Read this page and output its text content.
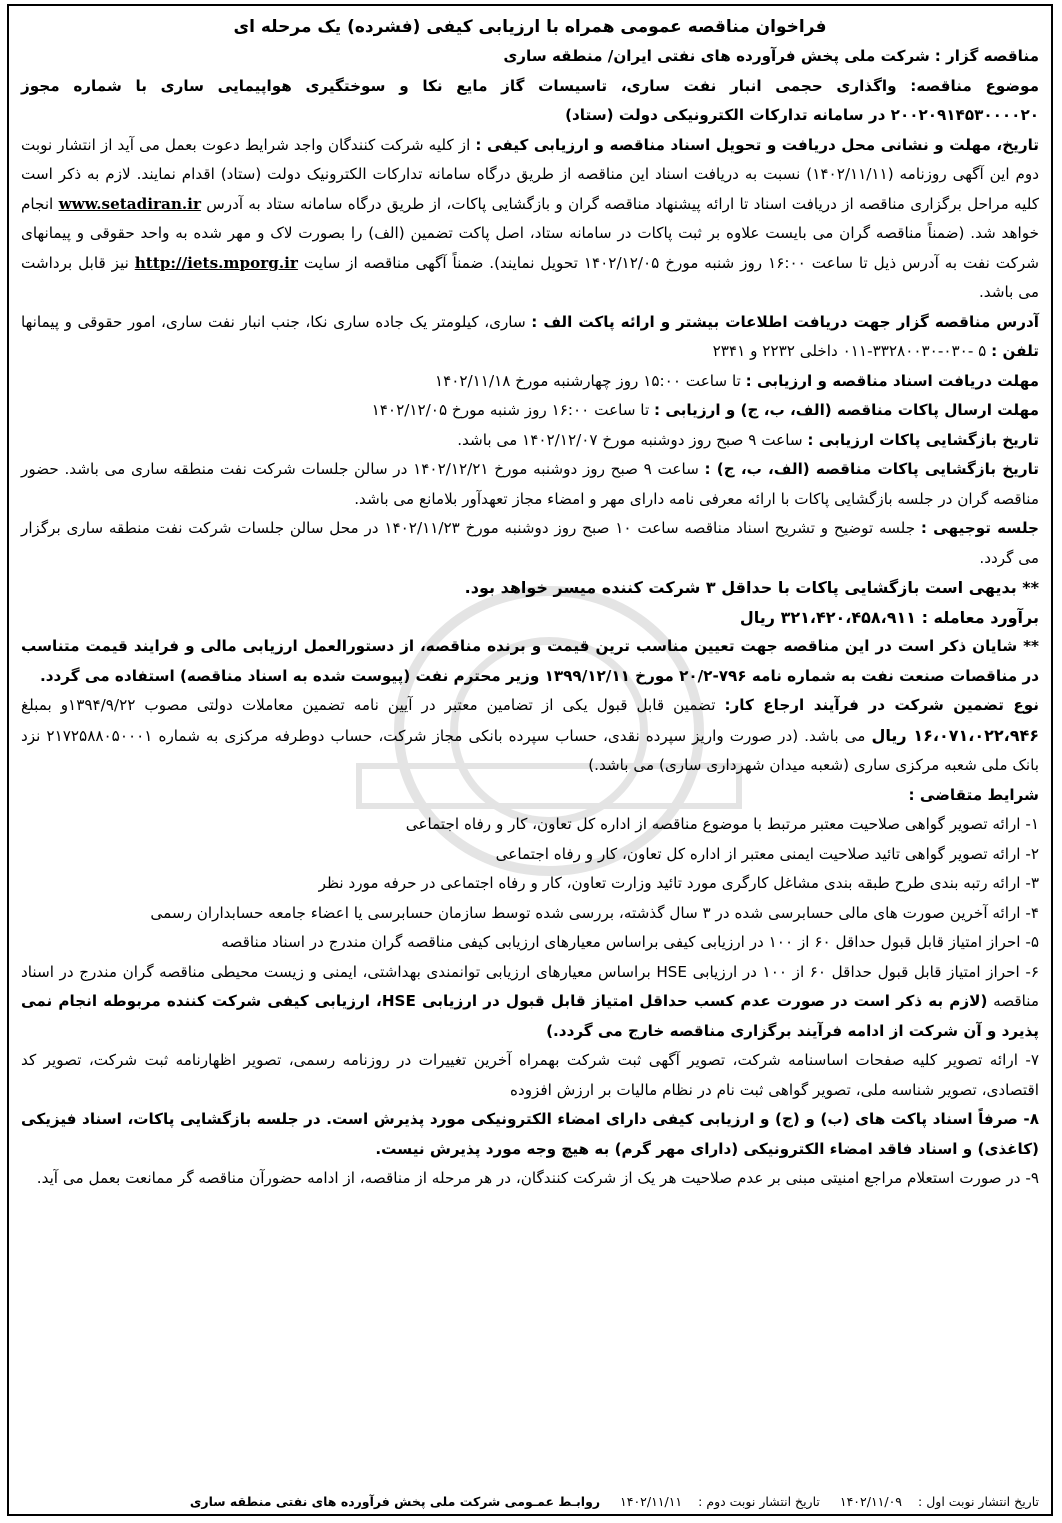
فراخوان مناقصه عمومی همراه با ارزیابی کیفی (فشرده) یک مرحله ای

مناقصه گزار : شرکت ملی پخش فرآورده های نفتی ایران/ منطقه ساری

موضوع مناقصه: واگذاری حجمی انبار نفت ساری، تاسیسات گاز مایع نکا و سوختگیری هواپیمایی ساری با شماره مجوز ۲۰۰۲۰۹۱۴۵۳۰۰۰۰۲۰ در سامانه تدارکات الکترونیکی دولت (ستاد)

تاریخ، مهلت و نشانی محل دریافت و تحویل اسناد مناقصه و ارزیابی کیفی : از کلیه شرکت کنندگان واجد شرایط دعوت بعمل می آید از انتشار نوبت دوم این آگهی روزنامه (۱۴۰۲/۱۱/۱۱) نسبت به دریافت اسناد این مناقصه از طریق درگاه سامانه تدارکات الکترونیک دولت (ستاد) اقدام نمایند. لازم به ذکر است کلیه مراحل برگزاری مناقصه از دریافت اسناد تا ارائه پیشنهاد مناقصه گران و بازگشایی پاکات، از طریق درگاه سامانه ستاد به آدرس www.setadiran.ir انجام خواهد شد. (ضمناً مناقصه گران می بایست علاوه بر ثبت پاکات در سامانه ستاد، اصل پاکت تضمین (الف) را بصورت لاک و مهر شده به واحد حقوقی و پیمانهای شرکت نفت به آدرس ذیل تا ساعت ۱۶:۰۰ روز شنبه مورخ ۱۴۰۲/۱۲/۰۵ تحویل نمایند). ضمناً آگهی مناقصه از سایت http://iets.mporg.ir نیز قابل برداشت می باشد.

آدرس مناقصه گزار جهت دریافت اطلاعات بیشتر و ارائه پاکت الف : ساری، کیلومتر یک جاده ساری نکا، جنب انبار نفت ساری، امور حقوقی و پیمانها تلفن : ۵ -۰۳۰-۳۳۲۸۰۰۳۰-۰۱۱ داخلی ۲۲۳۲ و ۲۳۴۱

مهلت دریافت اسناد مناقصه و ارزیابی : تا ساعت ۱۵:۰۰ روز چهارشنبه مورخ ۱۴۰۲/۱۱/۱۸

مهلت ارسال پاکات مناقصه (الف، ب، ج) و ارزیابی : تا ساعت ۱۶:۰۰ روز شنبه مورخ ۱۴۰۲/۱۲/۰۵

تاریخ بازگشایی پاکات ارزیابی : ساعت ۹ صبح روز دوشنبه مورخ ۱۴۰۲/۱۲/۰۷ می باشد.

تاریخ بازگشایی پاکات مناقصه (الف، ب، ج) : ساعت ۹ صبح روز دوشنبه مورخ ۱۴۰۲/۱۲/۲۱ در سالن جلسات شرکت نفت منطقه ساری می باشد. حضور مناقصه گران در جلسه بازگشایی پاکات با ارائه معرفی نامه دارای مهر و امضاء مجاز تعهدآور بلامانع می باشد.

جلسه توجیهی : جلسه توضیح و تشریح اسناد مناقصه ساعت ۱۰ صبح روز دوشنبه مورخ ۱۴۰۲/۱۱/۲۳ در محل سالن جلسات شرکت نفت منطقه ساری برگزار می گردد.

** بدیهی است بازگشایی پاکات با حداقل ۳ شرکت کننده میسر خواهد بود.

برآورد معامله : ۳۲۱،۴۲۰،۴۵۸،۹۱۱ ریال

** شایان ذکر است در این مناقصه جهت تعیین مناسب ترین قیمت و برنده مناقصه، از دستورالعمل ارزیابی مالی و فرایند قیمت متناسب در مناقصات صنعت نفت به شماره نامه ۷۹۶-۲۰/۲ مورخ ۱۳۹۹/۱۲/۱۱ وزیر محترم نفت (پیوست شده به اسناد مناقصه) استفاده می گردد.

نوع تضمین شرکت در فرآیند ارجاع کار: تضمین قابل قبول یکی از تضامین معتبر در آیین نامه تضمین معاملات دولتی مصوب ۱۳۹۴/۹/۲۲و بمبلغ ۱۶،۰۷۱،۰۲۲،۹۴۶ ریال می باشد. (در صورت واریز سپرده نقدی، حساب سپرده بانکی مجاز شرکت، حساب دوطرفه مرکزی به شماره ۲۱۷۲۵۸۸۰۵۰۰۰۱ نزد بانک ملی شعبه مرکزی ساری (شعبه میدان شهرداری ساری) می باشد.)

شرایط متقاضی :

۱- ارائه تصویر گواهی صلاحیت معتبر مرتبط با موضوع مناقصه از اداره کل تعاون، کار و رفاه اجتماعی

۲- ارائه تصویر گواهی تائید صلاحیت ایمنی معتبر از اداره کل تعاون، کار و رفاه اجتماعی

۳- ارائه رتبه بندی طرح طبقه بندی مشاغل کارگری مورد تائید وزارت تعاون، کار و رفاه اجتماعی در حرفه مورد نظر

۴- ارائه آخرین صورت های مالی حسابرسی شده در ۳ سال گذشته، بررسی شده توسط سازمان حسابرسی یا اعضاء جامعه حسابداران رسمی

۵- احراز امتیاز قابل قبول حداقل ۶۰ از ۱۰۰ در ارزیابی کیفی براساس معیارهای ارزیابی کیفی مناقصه گران مندرج در اسناد مناقصه

۶- احراز امتیاز قابل قبول حداقل ۶۰ از ۱۰۰ در ارزیابی HSE براساس معیارهای ارزیابی توانمندی بهداشتی، ایمنی و زیست محیطی مناقصه گران مندرج در اسناد مناقصه (لازم به ذکر است در صورت عدم کسب حداقل امتیاز قابل قبول در ارزیابی HSE، ارزیابی کیفی شرکت کننده مربوطه انجام نمی پذیرد و آن شرکت از ادامه فرآیند برگزاری مناقصه خارج می گردد.)

۷- ارائه تصویر کلیه صفحات اساسنامه شرکت، تصویر آگهی ثبت شرکت بهمراه آخرین تغییرات در روزنامه رسمی، تصویر اظهارنامه ثبت شرکت، تصویر کد اقتصادی، تصویر شناسه ملی، تصویر گواهی ثبت نام در نظام مالیات بر ارزش افزوده

۸- صرفاً اسناد پاکت های (ب) و (ج) و ارزیابی کیفی دارای امضاء الکترونیکی مورد پذیرش است. در جلسه بازگشایی پاکات، اسناد فیزیکی (کاغذی) و اسناد فاقد امضاء الکترونیکی (دارای مهر گرم) به هیچ وجه مورد پذیرش نیست.

۹- در صورت استعلام مراجع امنیتی مبنی بر عدم صلاحیت هر یک از شرکت کنندگان، در هر مرحله از مناقصه، از ادامه حضورآن مناقصه گر ممانعت بعمل می آید.

تاریخ انتشار نوبت اول :۱۴۰۲/۱۱/۰۹ تاریخ انتشار نوبت دوم :۱۴۰۲/۱۱/۱۱ روابـط عمـومی شرکت ملی پخش فرآورده های نفتی منطقه ساری
